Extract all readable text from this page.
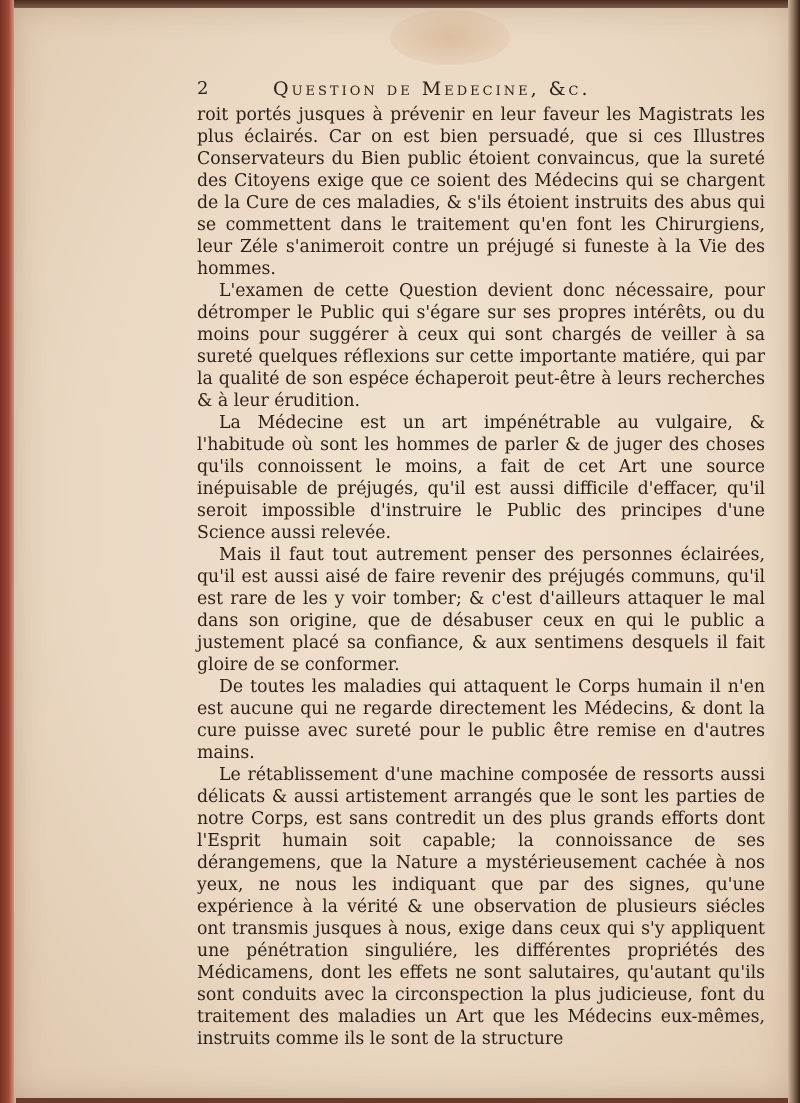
2	Question de Medecine, &c.

roit portés jusques à prévenir en leur faveur les Magistrats les plus éclairés. Car on est bien persuadé, que si ces Illustres Conservateurs du Bien public étoient convaincus, que la sureté des Citoyens exige que ce soient des Médecins qui se chargent de la Cure de ces maladies, & s'ils étoient instruits des abus qui se commettent dans le traitement qu'en font les Chirurgiens, leur Zéle s'animeroit contre un préjugé si funeste à la Vie des hommes.

L'examen de cette Question devient donc nécessaire, pour détromper le Public qui s'égare sur ses propres intérêts, ou du moins pour suggérer à ceux qui sont chargés de veiller à sa sureté quelques réflexions sur cette importante matiére, qui par la qualité de son espéce échaperoit peut-être à leurs recherches & à leur érudition.

La Médecine est un art impénétrable au vulgaire, & l'habitude où sont les hommes de parler & de juger des choses qu'ils connoissent le moins, a fait de cet Art une source inépuisable de préjugés, qu'il est aussi difficile d'effacer, qu'il seroit impossible d'instruire le Public des principes d'une Science aussi relevée.

Mais il faut tout autrement penser des personnes éclairées, qu'il est aussi aisé de faire revenir des préjugés communs, qu'il est rare de les y voir tomber; & c'est d'ailleurs attaquer le mal dans son origine, que de désabuser ceux en qui le public a justement placé sa confiance, & aux sentimens desquels il fait gloire de se conformer.

De toutes les maladies qui attaquent le Corps humain il n'en est aucune qui ne regarde directement les Médecins, & dont la cure puisse avec sureté pour le public être remise en d'autres mains.

Le rétablissement d'une machine composée de ressorts aussi délicats & aussi artistement arrangés que le sont les parties de notre Corps, est sans contredit un des plus grands efforts dont l'Esprit humain soit capable; la connoissance de ses dérangemens, que la Nature a mystérieusement cachée à nos yeux, ne nous les indiquant que par des signes, qu'une expérience à la vérité & une observation de plusieurs siécles ont transmis jusques à nous, exige dans ceux qui s'y appliquent une pénétration singuliére, les différentes propriétés des Médicamens, dont les effets ne sont salutaires, qu'autant qu'ils sont conduits avec la circonspection la plus judicieuse, font du traitement des maladies un Art que les Médecins eux-mêmes, instruits comme ils le sont de la structure
